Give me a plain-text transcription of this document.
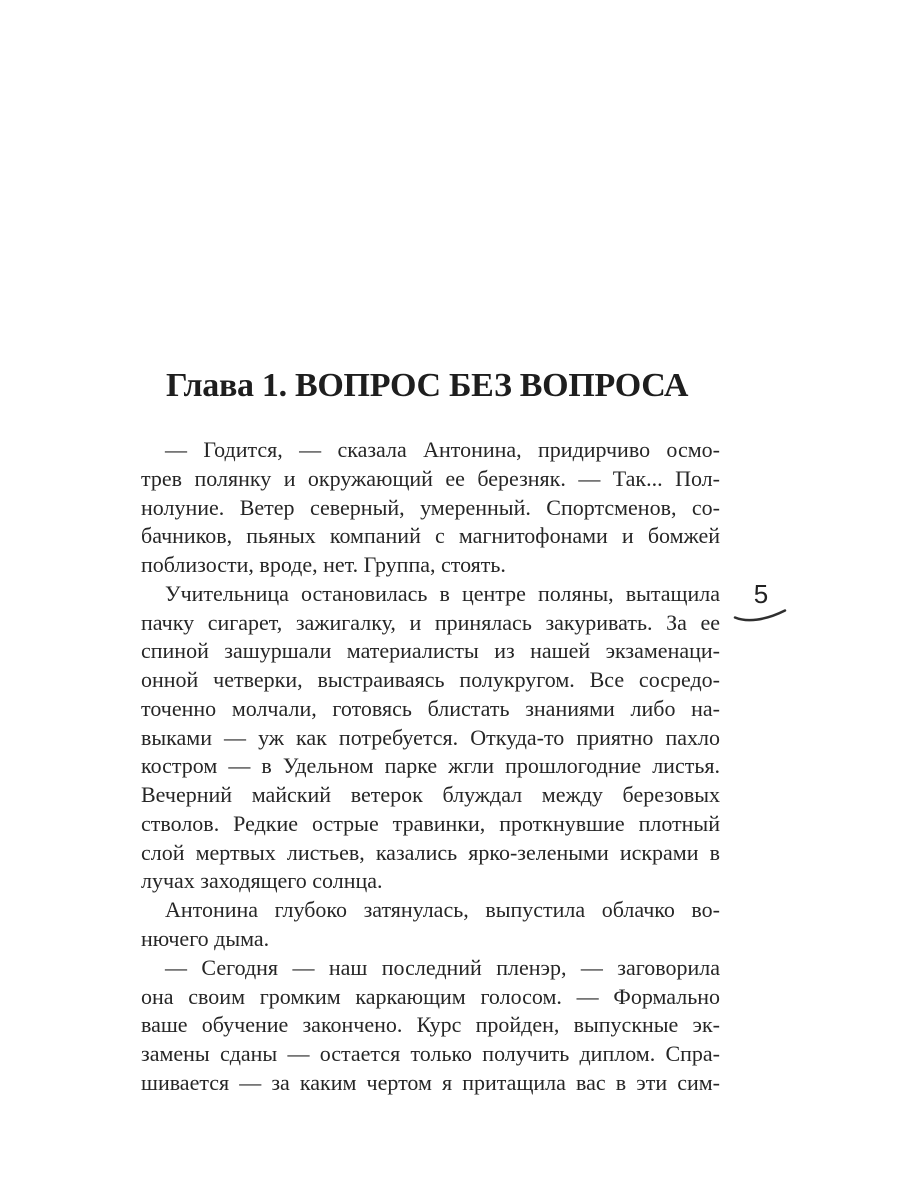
Глава 1. ВОПРОС БЕЗ ВОПРОСА

— Годится, — сказала Антонина, придирчиво осмо-
трев полянку и окружающий ее березняк. — Так... Пол-
нолуние. Ветер северный, умеренный. Спортсменов, со-
бачников, пьяных компаний с магнитофонами и бомжей
поблизости, вроде, нет. Группа, стоять.

Учительница остановилась в центре поляны, вытащила
пачку сигарет, зажигалку, и принялась закуривать. За ее
спиной зашуршали материалисты из нашей экзаменаци-
онной четверки, выстраиваясь полукругом. Все сосредо-
точенно молчали, готовясь блистать знаниями либо на-
выками — уж как потребуется. Откуда-то приятно пахло
костром — в Удельном парке жгли прошлогодние листья.
Вечерний майский ветерок блуждал между березовых
стволов. Редкие острые травинки, проткнувшие плотный
слой мертвых листьев, казались ярко-зелеными искрами в
лучах заходящего солнца.

Антонина глубоко затянулась, выпустила облачко во-
нючего дыма.

— Сегодня — наш последний пленэр, — заговорила
она своим громким каркающим голосом. — Формально
ваше обучение закончено. Курс пройден, выпускные эк-
замены сданы — остается только получить диплом. Спра-
шивается — за каким чертом я притащила вас в эти сим-

5
